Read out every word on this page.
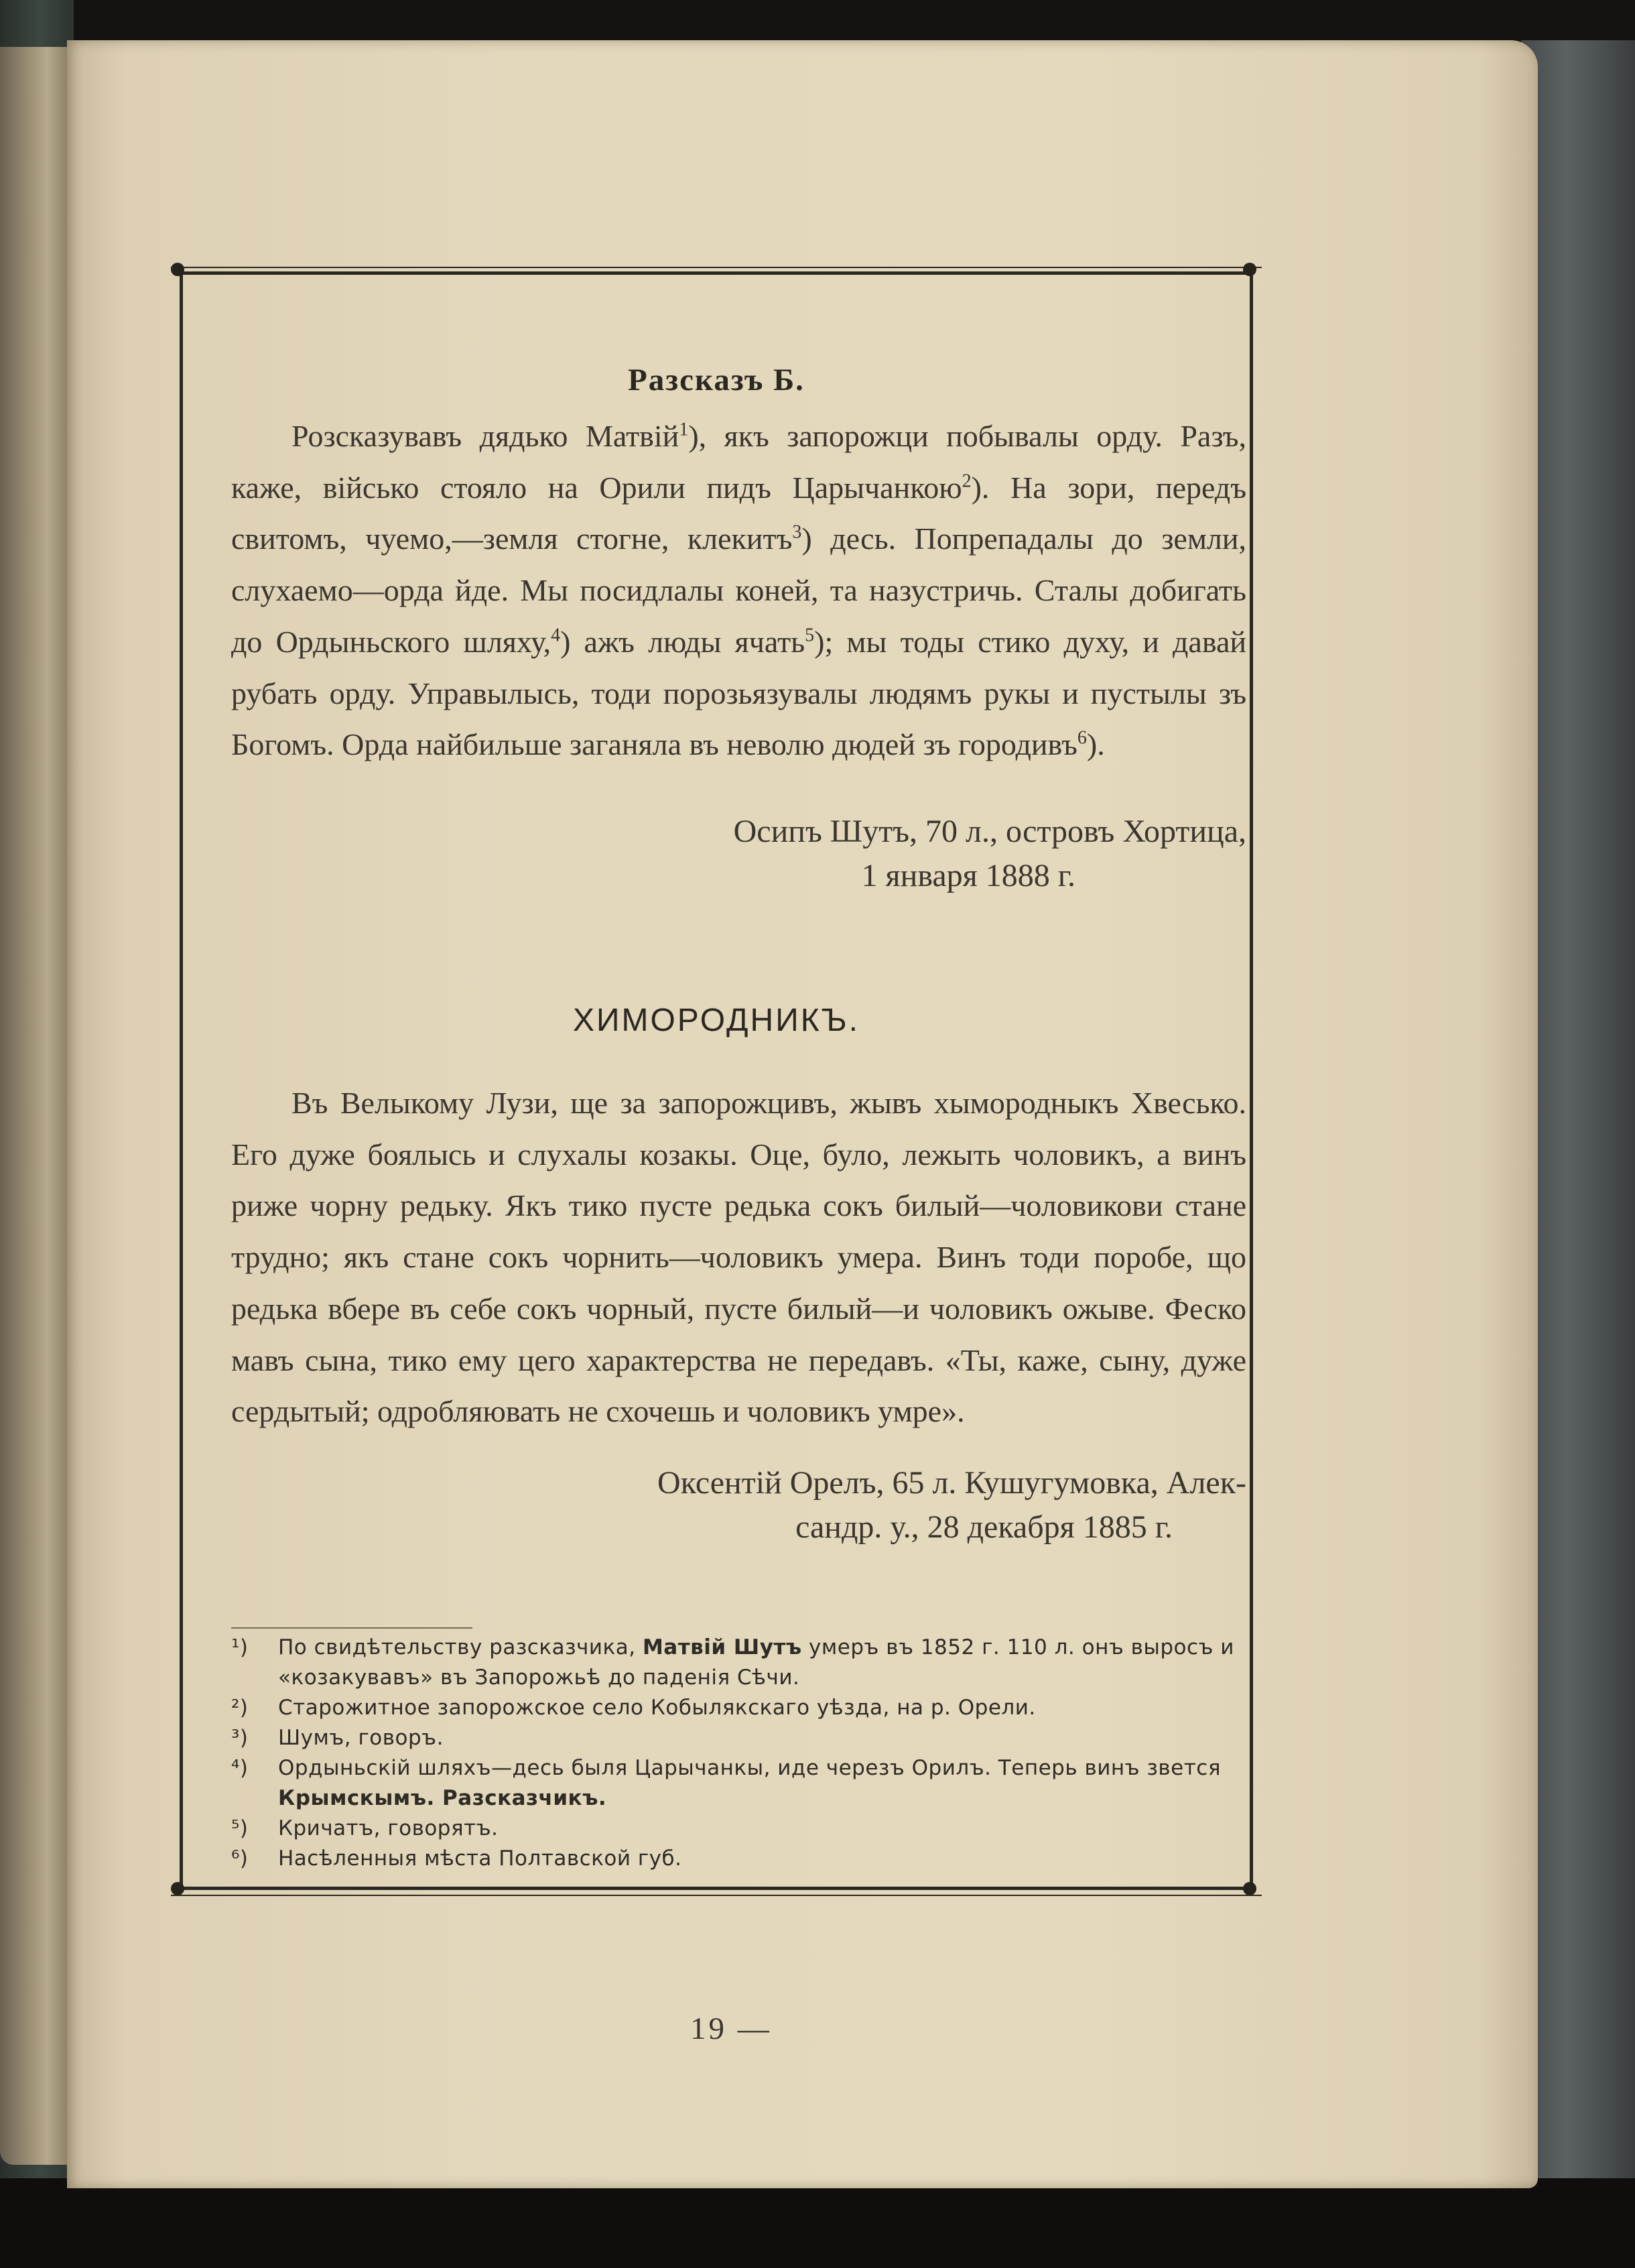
Разсказъ Б.
Розсказувавъ дядько Матвій$^1$), якъ запорожци побывалы орду. Разъ, каже, військо стояло на Орили пидъ Царычанкою$^2$). На зори, передъ свитомъ, чуемо,—земля стогне, клекитъ$^3$) десь. Попрепадалы до земли, слухаемо—орда йде. Мы посидлалы коней, та назустричь. Сталы добигать до Ордыньского шляху,$^4$) ажъ люды ячать$^5$); мы тоды стико духу, и давай рубать орду. Управылысь, тоди порозьязувалы людямъ рукы и пустылы зъ Богомъ. Орда найбильше заганяла въ неволю дюдей зъ городивъ$^6$).
Осипъ Шутъ, 70 л., островъ Хортица,
1 января 1888 г.
ХИМОРОДНИКЪ.
Въ Велыкому Лузи, ще за запорожцивъ, жывъ хымородныкъ Хвесько. Его дуже боялысь и слухалы козакы. Оце, було, лежыть чоловикъ, а винъ риже чорну редьку. Якъ тико пусте редька сокъ билый—чоловикови стане трудно; якъ стане сокъ чорнить—чоловикъ умера. Винъ тоди поробе, що редька вбере въ себе сокъ чорный, пусте билый—и чоловикъ ожыве. Феско мавъ сына, тико ему цего характерства не передавъ. «Ты, каже, сыну, дуже сердытый; одробляювать не схочешь и чоловикъ умре».
Оксентій Орелъ, 65 л. Кушугумовка, Алек-
сандр. у., 28 декабря 1885 г.
¹)	По свидѣтельству разсказчика, Матвій Шутъ умеръ въ 1852 г. 110 л. онъ выросъ и «козакувавъ» въ Запорожьѣ до паденія Сѣчи.
²)	Старожитное запорожское село Кобылякскаго уѣзда, на р. Орели.
³)	Шумъ, говоръ.
⁴)	Ордыньскій шляхъ—десь быля Царычанкы, иде черезъ Орилъ. Теперь винъ звется Крымскымъ. Разсказчикъ.
⁵)	Кричатъ, говорятъ.
⁶)	Насѣленныя мѣста Полтавской губ.
19 —
